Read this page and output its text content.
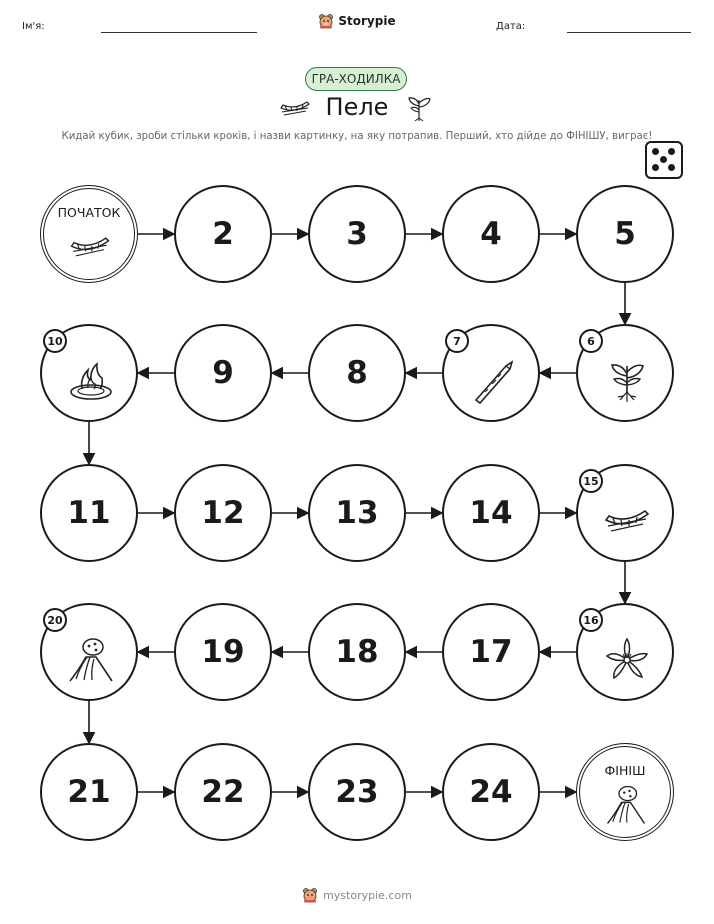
Ім'я:	Дата:
Storypie
ГРА-ХОДИЛКА
Пеле
Кидай кубик, зроби стільки кроків, і назви картинку, на яку потрапив. Перший, хто дійде до ФІНІШУ, виграє!
ФІНІШ
24
23
22
21
19	18	17
14
13
12
11
9	8
5
4
3
2
ПОЧАТОК
6
7
10
15
16
20
mystorypie.com
